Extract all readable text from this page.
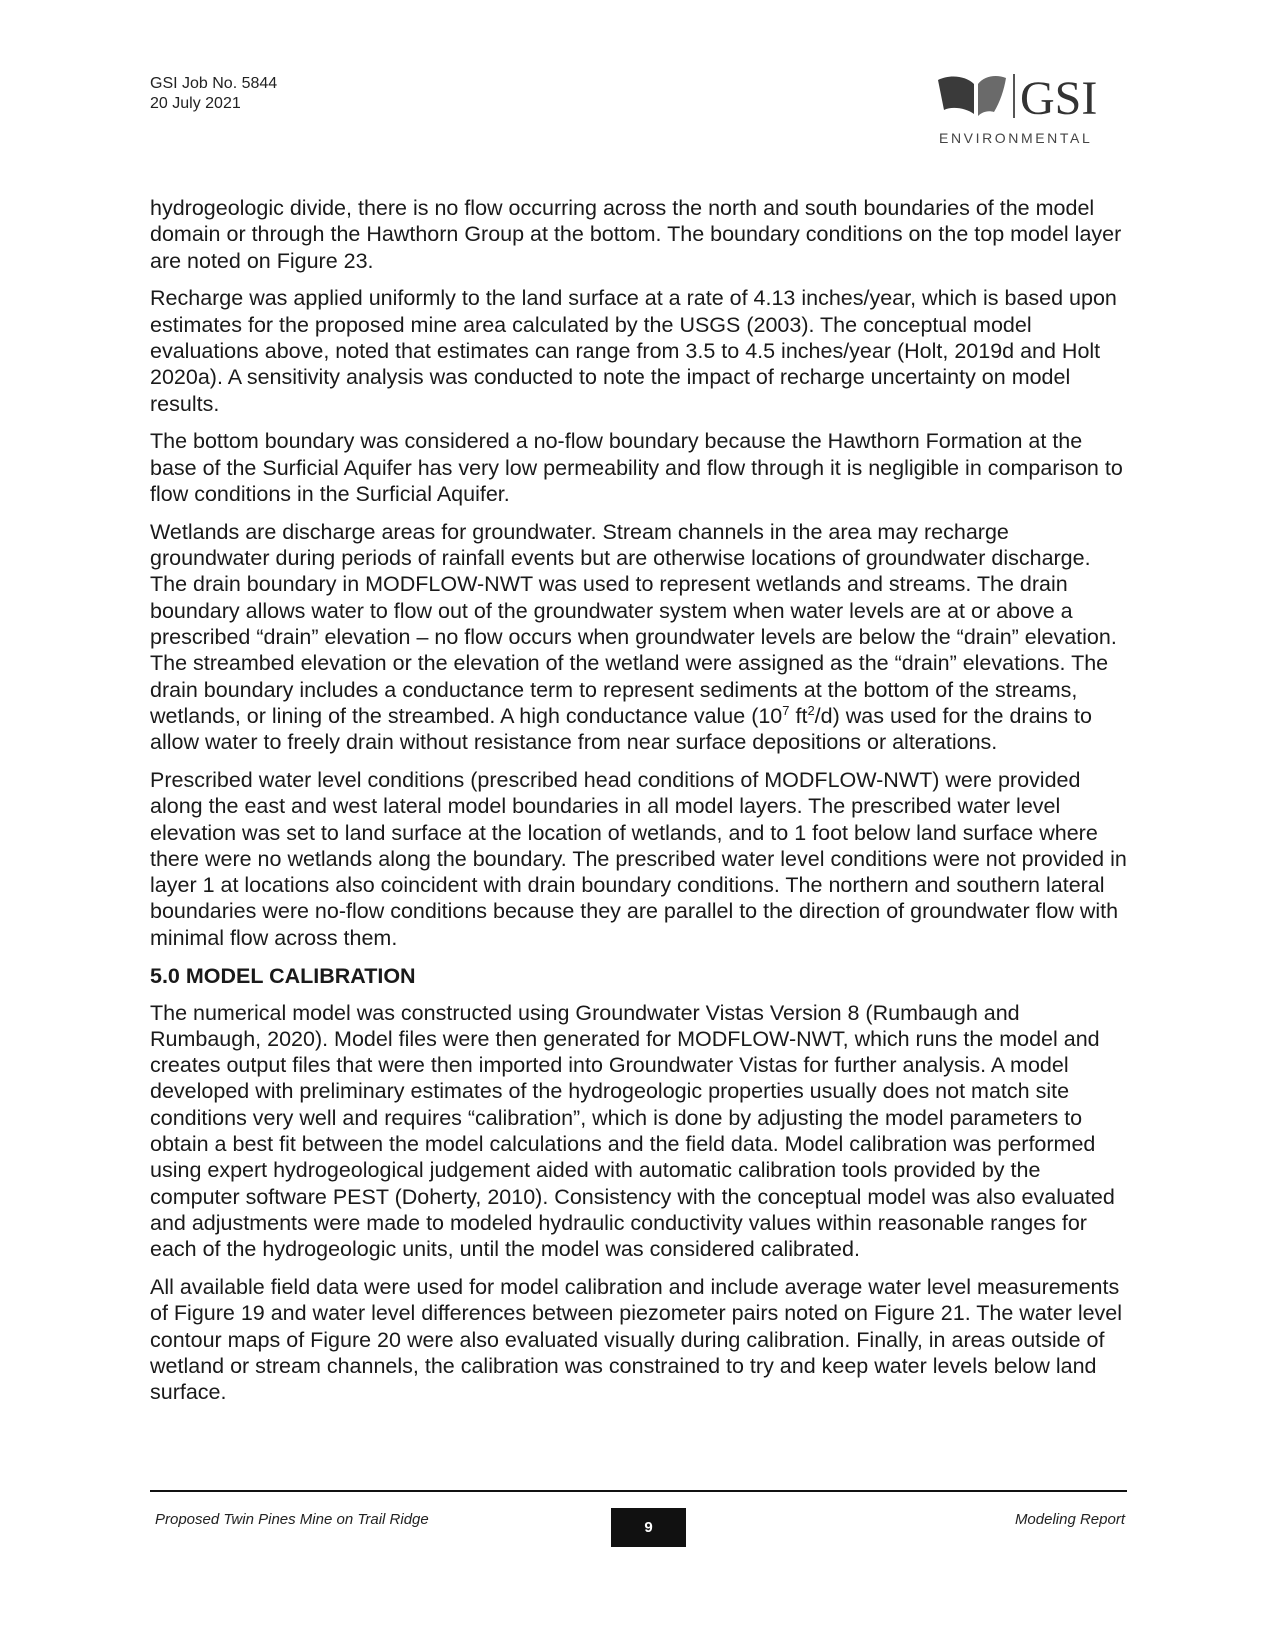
GSI Job No. 5844
20 July 2021	GSI
ENVIRONMENTAL

hydrogeologic divide, there is no flow occurring across the north and south boundaries of the model domain or through the Hawthorn Group at the bottom. The boundary conditions on the top model layer are noted on Figure 23.

Recharge was applied uniformly to the land surface at a rate of 4.13 inches/year, which is based upon estimates for the proposed mine area calculated by the USGS (2003). The conceptual model evaluations above, noted that estimates can range from 3.5 to 4.5 inches/year (Holt, 2019d and Holt 2020a). A sensitivity analysis was conducted to note the impact of recharge uncertainty on model results.

The bottom boundary was considered a no-flow boundary because the Hawthorn Formation at the base of the Surficial Aquifer has very low permeability and flow through it is negligible in comparison to flow conditions in the Surficial Aquifer.

Wetlands are discharge areas for groundwater. Stream channels in the area may recharge groundwater during periods of rainfall events but are otherwise locations of groundwater discharge. The drain boundary in MODFLOW-NWT was used to represent wetlands and streams. The drain boundary allows water to flow out of the groundwater system when water levels are at or above a prescribed “drain” elevation – no flow occurs when groundwater levels are below the “drain” elevation. The streambed elevation or the elevation of the wetland were assigned as the “drain” elevations. The drain boundary includes a conductance term to represent sediments at the bottom of the streams, wetlands, or lining of the streambed. A high conductance value ($10^7$ $ft^2/d$) was used for the drains to allow water to freely drain without resistance from near surface depositions or alterations.

Prescribed water level conditions (prescribed head conditions of MODFLOW-NWT) were provided along the east and west lateral model boundaries in all model layers. The prescribed water level elevation was set to land surface at the location of wetlands, and to 1 foot below land surface where there were no wetlands along the boundary. The prescribed water level conditions were not provided in layer 1 at locations also coincident with drain boundary conditions. The northern and southern lateral boundaries were no-flow conditions because they are parallel to the direction of groundwater flow with minimal flow across them.

5.0 MODEL CALIBRATION

The numerical model was constructed using Groundwater Vistas Version 8 (Rumbaugh and Rumbaugh, 2020). Model files were then generated for MODFLOW-NWT, which runs the model and creates output files that were then imported into Groundwater Vistas for further analysis. A model developed with preliminary estimates of the hydrogeologic properties usually does not match site conditions very well and requires “calibration”, which is done by adjusting the model parameters to obtain a best fit between the model calculations and the field data. Model calibration was performed using expert hydrogeological judgement aided with automatic calibration tools provided by the computer software PEST (Doherty, 2010). Consistency with the conceptual model was also evaluated and adjustments were made to modeled hydraulic conductivity values within reasonable ranges for each of the hydrogeologic units, until the model was considered calibrated.

All available field data were used for model calibration and include average water level measurements of Figure 19 and water level differences between piezometer pairs noted on Figure 21. The water level contour maps of Figure 20 were also evaluated visually during calibration. Finally, in areas outside of wetland or stream channels, the calibration was constrained to try and keep water levels below land surface.

Proposed Twin Pines Mine on Trail Ridge	9	Modeling Report
